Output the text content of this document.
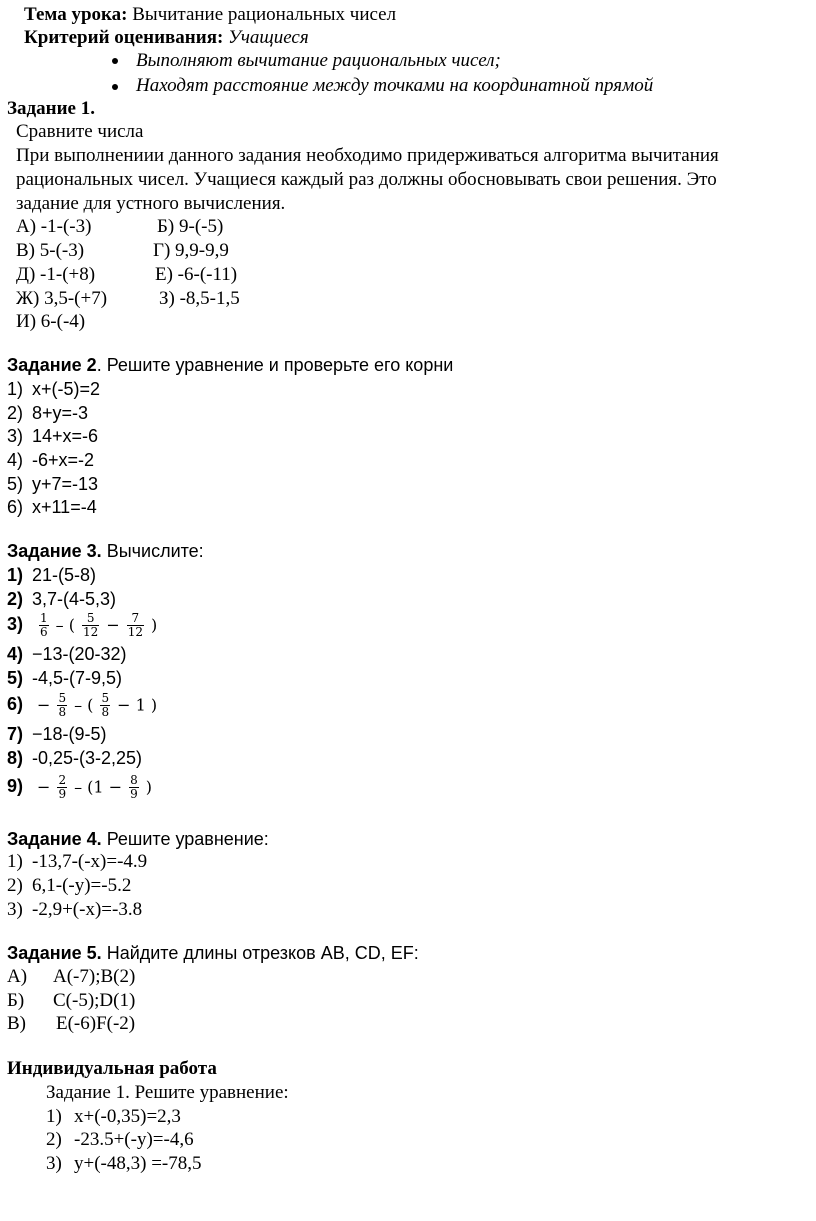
Тема урока: Вычитание рациональных чисел
Критерий оценивания: Учащиеся
Выполняют вычитание рациональных чисел;
Находят расстояние между точками на координатной прямой
Задание 1.
Сравните числа
При выполнениии данного задания необходимо придерживаться алгоритма вычитания
рациональных чисел. Учащиеся каждый раз должны обосновывать свои решения. Это
задание для устного вычисления.
А) -1-(-3)	Б) 9-(-5)
В) 5-(-3)	Г) 9,9-9,9
Д) -1-(+8)	Е) -6-(-11)
Ж) 3,5-(+7)	З) -8,5-1,5
И) 6-(-4)
Задание 2. Решите уравнение и проверьте его корни
1) x+(-5)=2
2) 8+y=-3
3) 14+x=-6
4) -6+x=-2
5) y+7=-13
6) x+11=-4
Задание 3. Вычислите:
1) 21-(5-8)
2) 3,7-(4-5,3)
$3) \frac{1}{6}$ – ( $\frac{5}{12} - \frac{7}{12}$ )
4) −13-(20-32)
5) -4,5-(7-9,5)
$6) - \frac{5}{8}$ – ( $\frac{5}{8} - 1$ )
7) −18-(9-5)
8) -0,25-(3-2,25)
$9) - \frac{2}{9} - (1 - \frac{8}{9}$ )
Задание 4. Решите уравнение:
1) -13,7-(-x)=-4.9
2) 6,1-(-y)=-5.2
3) -2,9+(-x)=-3.8
Задание 5. Найдите длины отрезков АВ, CD, EF:
А) A(-7);B(2)
Б) C(-5);D(1)
В) E(-6)F(-2)
Индивидуальная работа
Задание 1. Решите уравнение:
1) x+(-0,35)=2,3
2) -23.5+(-y)=-4,6
3) y+(-48,3) =-78,5
